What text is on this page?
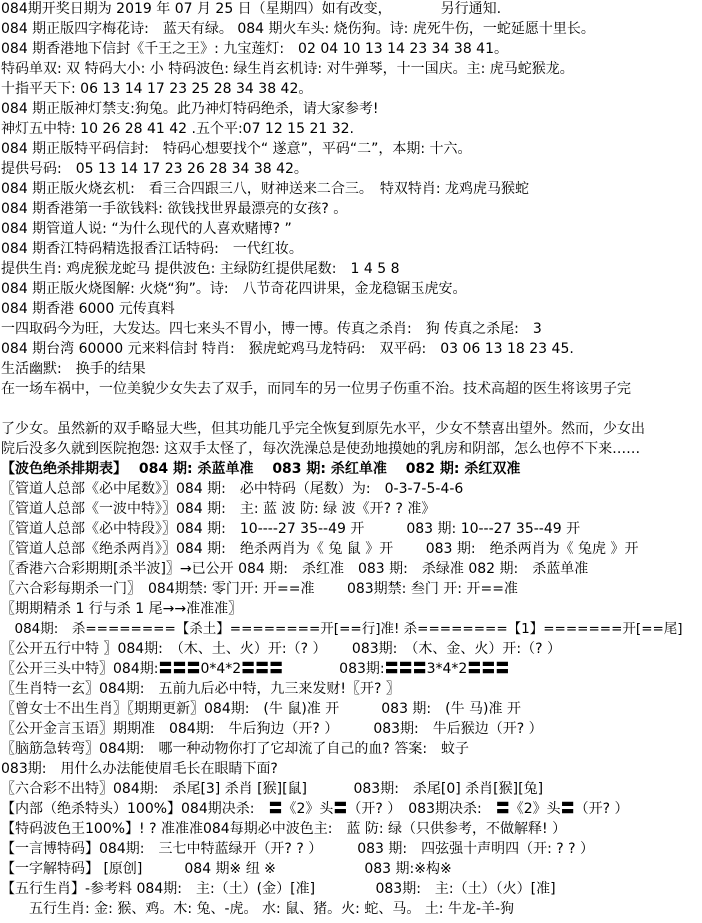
084期开奖日期为 2019 年 07 月 25 日（星期四）如有改变，　　　　另行通知.
084 期正版四字梅花诗:　蓝天有绿。 084 期火车头: 烧伤狗。诗: 虎死牛伤，一蛇延愿十里长。
084 期香港地下信封《千王之王》: 九宝莲灯:　02 04 10 13 14 23 34 38 41。
特码单双: 双 特码大小: 小 特码波色: 绿生肖玄机诗: 对牛弹琴，十一国庆。主: 虎马蛇猴龙。
十指平天下: 06 13 14 17 23 25 28 34 38 42。
084 期正版神灯禁支:狗兔。此乃神灯特码绝杀，请大家参考!
神灯五中特: 10 26 28 41 42 .五个平:07 12 15 21 32.
084 期正版特平码信封:　特码心想要找个“ 遂意”，平码“二”，本期: 十六。
提供号码:　05 13 14 17 23 26 28 34 38 42。
084 期正版火烧玄机:　看三合四跟三八，财神送来二合三。　特双特肖: 龙鸡虎马猴蛇
084 期香港第一手欲钱料: 欲钱找世界最漂亮的女孩? 。
084 期管道人说: “为什么现代的人喜欢赌博? ”
084 期香江特码精选报香江话特码:　一代红妆。
提供生肖: 鸡虎猴龙蛇马 提供波色: 主绿防红提供尾数:　1 4 5 8
084 期正版火烧图解: 火烧“狗”。诗:　八节奇花四讲果，金龙稳锯玉虎安。
084 期香港 6000 元传真料
一四取码今为旺，大发达。四七来头不胃小，博一博。传真之杀肖:　狗 传真之杀尾:　3
084 期台湾 60000 元来料信封 特肖:　猴虎蛇鸡马龙特码:　双平码:　03 06 13 18 23 45.
生活幽默:　换手的结果
在一场车祸中，一位美貌少女失去了双手，而同车的另一位男子伤重不治。技术高超的医生将该男子完
了少女。虽然新的双手略显大些，但其功能几乎完全恢复到原先水平，少女不禁喜出望外。然而，少女出
院后没多久就到医院抱怨: 这双手太怪了，每次洗澡总是使劲地摸她的乳房和阴部，怎么也停不下来……
【波色绝杀排期表】　 084 期: 杀蓝单准　 083 期: 杀红单准　 082 期: 杀红双准
〖管道人总部《必中尾数》〗084 期:　必中特码（尾数）为:　0-3-7-5-4-6
〖管道人总部《一波中特》〗084 期:　主: 蓝 波 防: 绿 波《开? ? 准》
〖管道人总部《必中特段》〗084 期:　10----27 35--49 开　　　083 期: 10---27 35--49 开
〖管道人总部《绝杀两肖》〗084 期:　绝杀两肖为《 兔 鼠 》开　　 083 期:　绝杀两肖为《 兔虎 》开
〖香港六合彩期期[杀半波]〗→已公开 084 期:　杀红准　083 期:　杀绿准 082 期:　杀蓝单准
〖六合彩每期杀一门〗　084期禁: 零门开: 开==准　　 083期禁: 叁门 开: 开==准
〖期期精杀 1 行与杀 1 尾→→准准准〗
　084期:　杀========【杀土】========开[==行]准! 杀========【1】=======开[==尾]
〖公开五行中特 〗084期:　（木、土、火）开:（? ）　　 083期:　（木、金、火）开:（? ）
〖公开三头中特〗084期:〓〓〓0*4*2〓〓〓　　　　083期:〓〓〓3*4*2〓〓〓
〖生肖特一玄〗084期:　五前九后必中特，九三来发财!〖开? 〗
〖曾女士不出生肖〗〖期期更新〗084期:　(牛 鼠)准 开　　　083 期:　(牛 马)准 开
〖公开金言玉语〗期期准　084期:　牛后狗边（开? ）　　　083期:　牛后猴边（开? ）
〖脑筋急转弯〗084期:　哪一种动物你打了它却流了自己的血? 答案:　蚊子
083期:　用什么办法能使眉毛长在眼睛下面?
〖六合彩不出特〗084期:　杀尾[3] 杀肖 [猴][鼠]　　　 083期:　杀尾[0] 杀肖[猴][兔]
【内部（绝杀特头）100%】084期决杀:　〓《2》头〓（开? ）　083期决杀:　〓《2》头〓（开? ）
【特码波色王100%】! ? 准准准084每期必中波色主:　蓝 防: 绿（只供参考，不做解释! ）
【一言博特码】084期:　三七中特蓝绿开（开? ? ）　　　083 期:　四弦强十声明四（开: ? ? ）
【一字解特码】 [原创]　　　084 期※ 纽 ※　　　　　　 083 期:※构※
【五行生肖】-参考料 084期:　主:（土）(金）[准]　　　　 083期:　主:（土）（火）[准]
　　五行生肖: 金: 猴、鸡。木: 兔、-虎。 水: 鼠、猪。火: 蛇、马。 土: 牛龙-羊-狗
